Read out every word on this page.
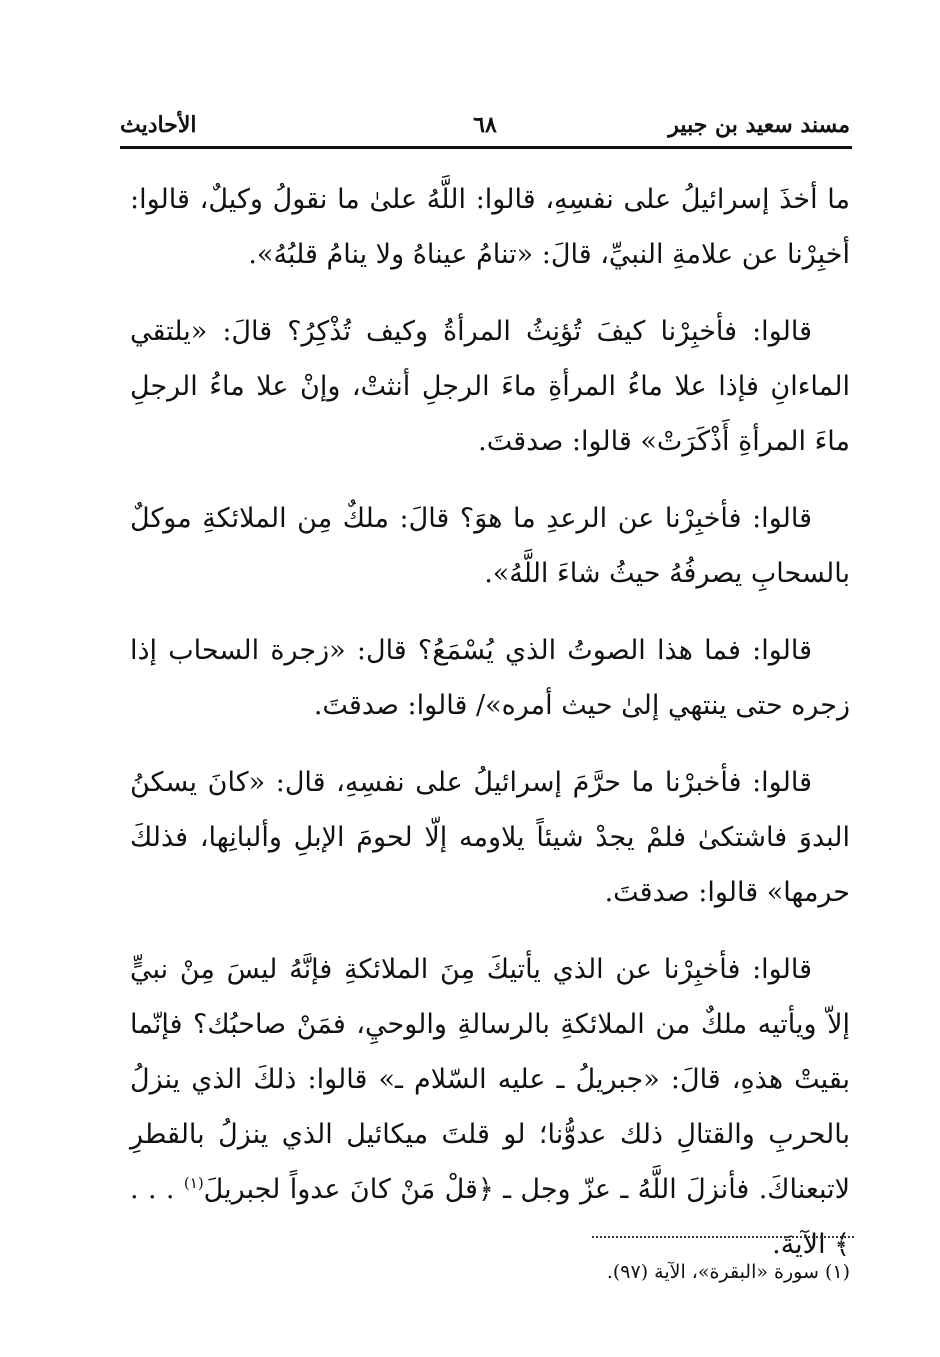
مسند سعيد بن جبير
٦٨
الأحاديث

ما أخذَ إسرائيلُ على نفسِهِ، قالوا: اللَّهُ علىٰ ما نقولُ وكيلٌ، قالوا: أخبِرْنا عن علامةِ النبيِّ، قالَ: «تنامُ عيناهُ ولا ينامُ قلبُهُ».

قالوا: فأخبِرْنا كيفَ تُؤنِثُ المرأةُ وكيف تُذْكِرُ؟ قالَ: «يلتقي الماءانِ فإذا علا ماءُ المرأةِ ماءَ الرجلِ أنثتْ، وإنْ علا ماءُ الرجلِ ماءَ المرأةِ أَذْكَرَتْ» قالوا: صدقتَ.

قالوا: فأخبِرْنا عن الرعدِ ما هوَ؟ قالَ: ملكٌ مِن الملائكةِ موكلٌ بالسحابِ يصرفُهُ حيثُ شاءَ اللَّهُ».

قالوا: فما هذا الصوتُ الذي يُسْمَعُ؟ قال: «زجرة السحاب إذا زجره حتى ينتهي إلىٰ حيث أمره»/ قالوا: صدقتَ.

قالوا: فأخبرْنا ما حرَّمَ إسرائيلُ على نفسِهِ، قال: «كانَ يسكنُ البدوَ فاشتكىٰ فلمْ يجدْ شيئاً يلاومه إلّا لحومَ الإبلِ وألبانِها، فذلكَ حرمها» قالوا: صدقتَ.

قالوا: فأخبِرْنا عن الذي يأتيكَ مِنَ الملائكةِ فإنَّهُ ليسَ مِنْ نبيٍّ إلاّ ويأتيه ملكٌ من الملائكةِ بالرسالةِ والوحيِ، فمَنْ صاحبُك؟ فإنّما بقيتْ هذهِ، قالَ: «جبريلُ ـ عليه السّلام ـ» قالوا: ذلكَ الذي ينزلُ بالحربِ والقتالِ ذلك عدوُّنا؛ لو قلتَ ميكائيل الذي ينزلُ بالقطرِ لاتبعناكَ. فأنزلَ اللَّهُ ـ عزّ وجل ـ ﴿قلْ مَنْ كانَ عدواً لجبريلَ$^{(١)}$ . . . ﴾ الآيةَ.

(١) سورة «البقرة»، الآية (٩٧).
